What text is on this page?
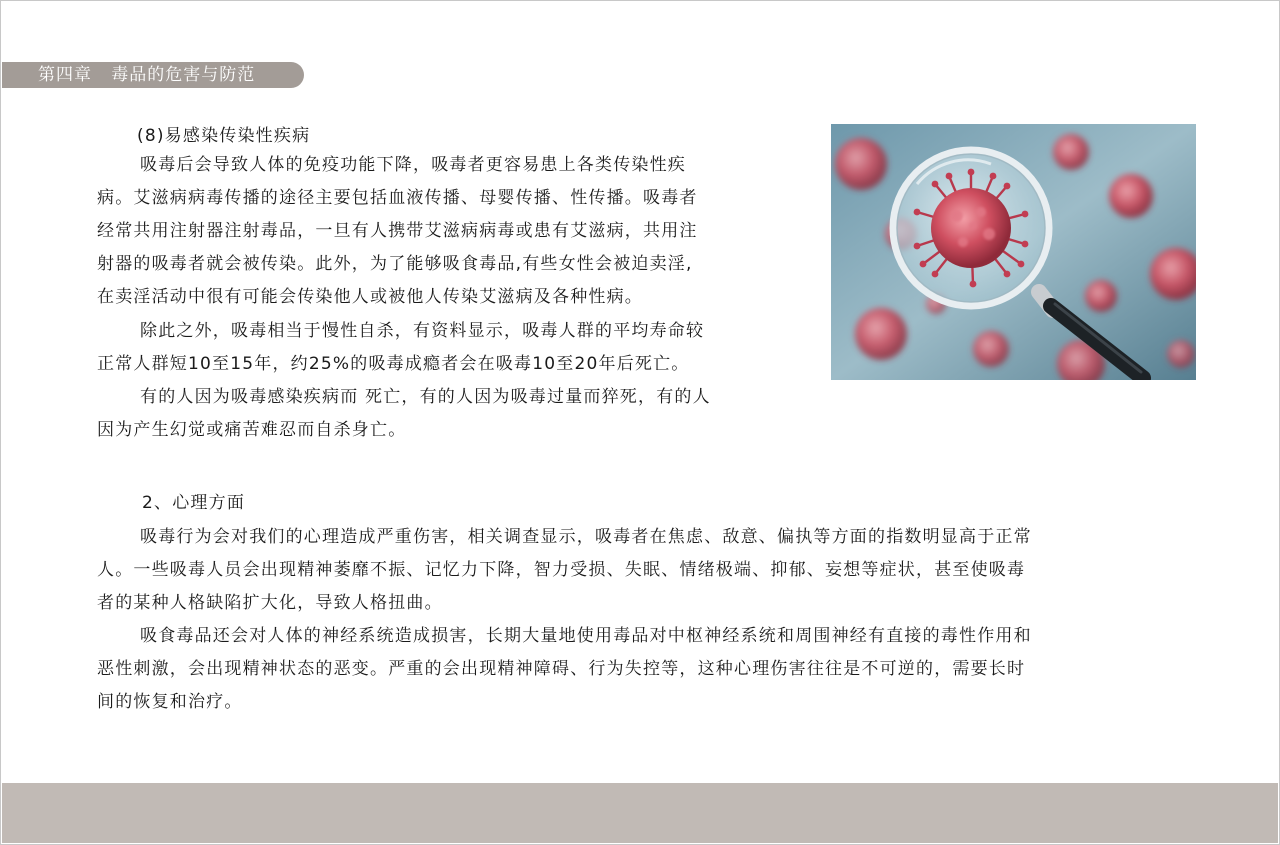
第四章   毒品的危害与防范
(8)易感染传染性疾病
吸毒后会导致人体的免疫功能下降，吸毒者更容易患上各类传染性疾
病。艾滋病病毒传播的途径主要包括血液传播、母婴传播、性传播。吸毒者
经常共用注射器注射毒品，一旦有人携带艾滋病病毒或患有艾滋病，共用注
射器的吸毒者就会被传染。此外，为了能够吸食毒品,有些女性会被迫卖淫,
在卖淫活动中很有可能会传染他人或被他人传染艾滋病及各种性病。
除此之外，吸毒相当于慢性自杀，有资料显示，吸毒人群的平均寿命较
正常人群短10至15年，约25%的吸毒成瘾者会在吸毒10至20年后死亡。
有的人因为吸毒感染疾病而 死亡，有的人因为吸毒过量而猝死，有的人
因为产生幻觉或痛苦难忍而自杀身亡。
2、心理方面
吸毒行为会对我们的心理造成严重伤害，相关调查显示，吸毒者在焦虑、敌意、偏执等方面的指数明显高于正常
人。一些吸毒人员会出现精神萎靡不振、记忆力下降，智力受损、失眠、情绪极端、抑郁、妄想等症状，甚至使吸毒
者的某种人格缺陷扩大化，导致人格扭曲。
吸食毒品还会对人体的神经系统造成损害，长期大量地使用毒品对中枢神经系统和周围神经有直接的毒性作用和
恶性刺激，会出现精神状态的恶变。严重的会出现精神障碍、行为失控等，这种心理伤害往往是不可逆的，需要长时
间的恢复和治疗。
